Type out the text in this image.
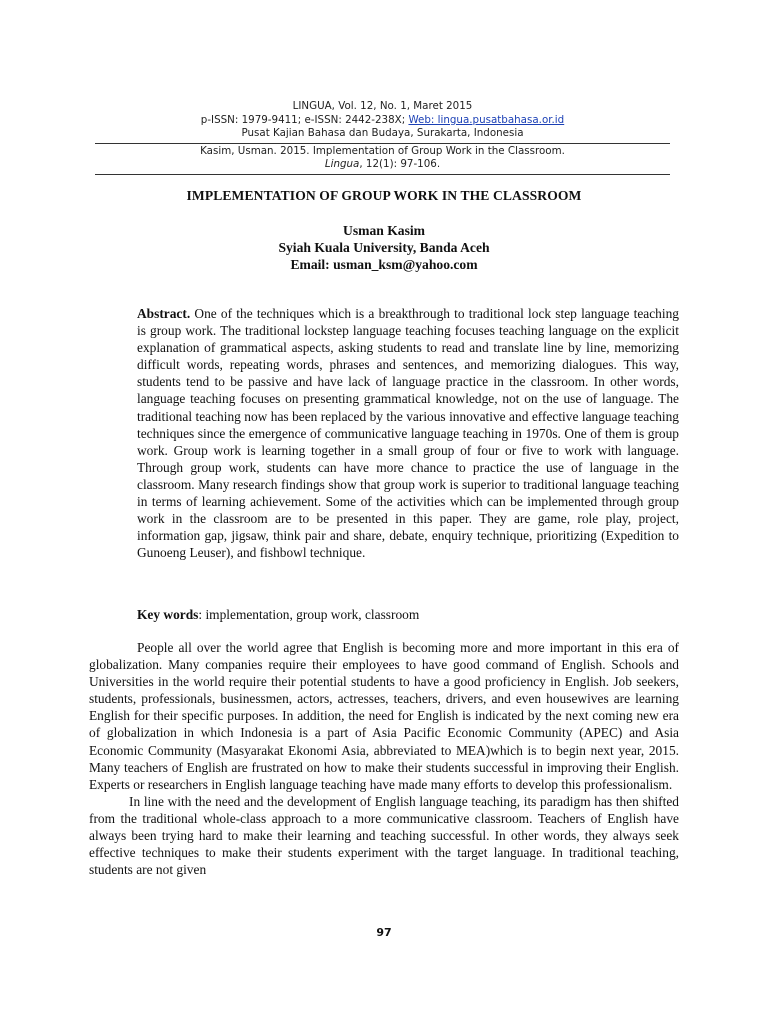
LINGUA, Vol. 12, No. 1, Maret 2015
p-ISSN: 1979-9411; e-ISSN: 2442-238X; Web: lingua.pusatbahasa.or.id
Pusat Kajian Bahasa dan Budaya, Surakarta, Indonesia
Kasim, Usman. 2015. Implementation of Group Work in the Classroom.
Lingua, 12(1): 97-106.
IMPLEMENTATION OF GROUP WORK IN THE CLASSROOM
Usman Kasim
Syiah Kuala University, Banda Aceh
Email: usman_ksm@yahoo.com

Abstract. One of the techniques which is a breakthrough to traditional lock step language teaching is group work. The traditional lockstep language teaching focuses teaching language on the explicit explanation of grammatical aspects, asking students to read and translate line by line, memorizing difficult words, repeating words, phrases and sentences, and memorizing dialogues. This way, students tend to be passive and have lack of language practice in the classroom. In other words, language teaching focuses on presenting grammatical knowledge, not on the use of language. The traditional teaching now has been replaced by the various innovative and effective language teaching techniques since the emergence of communicative language teaching in 1970s. One of them is group work. Group work is learning together in a small group of four or five to work with language. Through group work, students can have more chance to practice the use of language in the classroom. Many research findings show that group work is superior to traditional language teaching in terms of learning achievement. Some of the activities which can be implemented through group work in the classroom are to be presented in this paper. They are game, role play, project, information gap, jigsaw, think pair and share, debate, enquiry technique, prioritizing (Expedition to Gunoeng Leuser), and fishbowl technique.

Key words: implementation, group work, classroom

People all over the world agree that English is becoming more and more important in this era of globalization. Many companies require their employees to have good command of English. Schools and Universities in the world require their potential students to have a good proficiency in English. Job seekers, students, professionals, businessmen, actors, actresses, teachers, drivers, and even housewives are learning English for their specific purposes. In addition, the need for English is indicated by the next coming new era of globalization in which Indonesia is a part of Asia Pacific Economic Community (APEC) and Asia Economic Community (Masyarakat Ekonomi Asia, abbreviated to MEA)which is to begin next year, 2015. Many teachers of English are frustrated on how to make their students successful in improving their English. Experts or researchers in English language teaching have made many efforts to develop this professionalism.

In line with the need and the development of English language teaching, its paradigm has then shifted from the traditional whole-class approach to a more communicative classroom. Teachers of English have always been trying hard to make their learning and teaching successful. In other words, they always seek effective techniques to make their students experiment with the target language. In traditional teaching, students are not given

97
